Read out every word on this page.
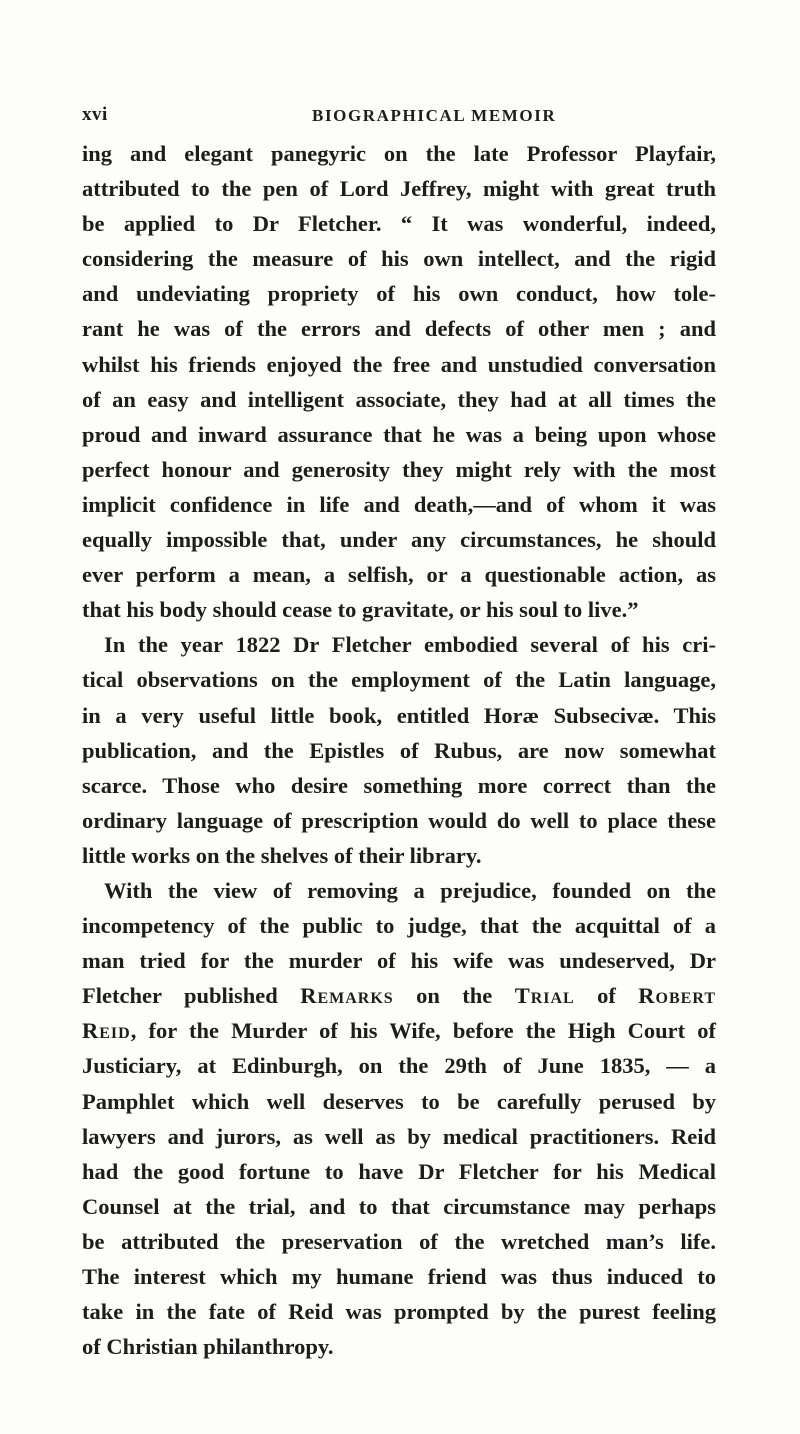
xvi	BIOGRAPHICAL MEMOIR
ing and elegant panegyric on the late Professor Playfair,
attributed to the pen of Lord Jeffrey, might with great truth
be applied to Dr Fletcher. “ It was wonderful, indeed,
considering the measure of his own intellect, and the rigid
and undeviating propriety of his own conduct, how tole-
rant he was of the errors and defects of other men ; and
whilst his friends enjoyed the free and unstudied conversation
of an easy and intelligent associate, they had at all times the
proud and inward assurance that he was a being upon whose
perfect honour and generosity they might rely with the most
implicit confidence in life and death,—and of whom it was
equally impossible that, under any circumstances, he should
ever perform a mean, a selfish, or a questionable action, as
that his body should cease to gravitate, or his soul to live.”
In the year 1822 Dr Fletcher embodied several of his cri-
tical observations on the employment of the Latin language,
in a very useful little book, entitled Horæ Subsecivæ. This
publication, and the Epistles of Rubus, are now somewhat
scarce. Those who desire something more correct than the
ordinary language of prescription would do well to place these
little works on the shelves of their library.
With the view of removing a prejudice, founded on the
incompetency of the public to judge, that the acquittal of a
man tried for the murder of his wife was undeserved, Dr
Fletcher published Remarks on the Trial of Robert
Reid, for the Murder of his Wife, before the High Court of
Justiciary, at Edinburgh, on the 29th of June 1835, — a
Pamphlet which well deserves to be carefully perused by
lawyers and jurors, as well as by medical practitioners. Reid
had the good fortune to have Dr Fletcher for his Medical
Counsel at the trial, and to that circumstance may perhaps
be attributed the preservation of the wretched man’s life.
The interest which my humane friend was thus induced to
take in the fate of Reid was prompted by the purest feeling
of Christian philanthropy.
